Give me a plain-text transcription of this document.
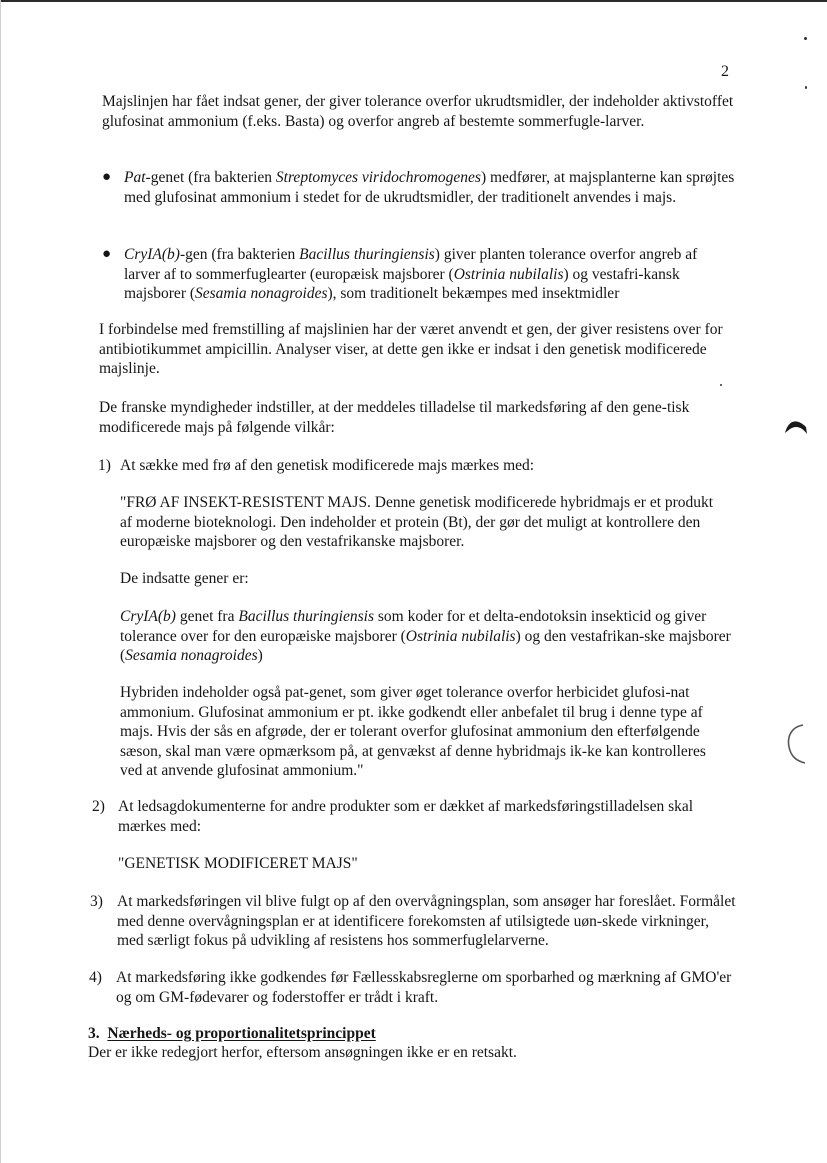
2

Majslinjen har fået indsat gener, der giver tolerance overfor ukrudtsmidler, der indeholder aktivstoffet glufosinat ammonium (f.eks. Basta) og overfor angreb af bestemte sommerfugle-larver.

● Pat-genet (fra bakterien Streptomyces viridochromogenes) medfører, at majsplanterne kan sprøjtes med glufosinat ammonium i stedet for de ukrudtsmidler, der traditionelt anvendes i majs.

● CryIA(b)-gen (fra bakterien Bacillus thuringiensis) giver planten tolerance overfor angreb af larver af to sommerfuglearter (europæisk majsborer (Ostrinia nubilalis) og vestafri-kansk majsborer (Sesamia nonagroides), som traditionelt bekæmpes med insektmidler

I forbindelse med fremstilling af majslinien har der været anvendt et gen, der giver resistens over for antibiotikummet ampicillin. Analyser viser, at dette gen ikke er indsat i den genetisk modificerede majslinje.

De franske myndigheder indstiller, at der meddeles tilladelse til markedsføring af den gene-tisk modificerede majs på følgende vilkår:

1) At sække med frø af den genetisk modificerede majs mærkes med:

"FRØ AF INSEKT-RESISTENT MAJS. Denne genetisk modificerede hybridmajs er et produkt af moderne bioteknologi. Den indeholder et protein (Bt), der gør det muligt at kontrollere den europæiske majsborer og den vestafrikanske majsborer.

De indsatte gener er:

CryIA(b) genet fra Bacillus thuringiensis som koder for et delta-endotoksin insekticid og giver tolerance over for den europæiske majsborer (Ostrinia nubilalis) og den vestafrikan-ske majsborer (Sesamia nonagroides)

Hybriden indeholder også pat-genet, som giver øget tolerance overfor herbicidet glufosi-nat ammonium. Glufosinat ammonium er pt. ikke godkendt eller anbefalet til brug i denne type af majs. Hvis der sås en afgrøde, der er tolerant overfor glufosinat ammonium den efterfølgende sæson, skal man være opmærksom på, at genvækst af denne hybridmajs ik-ke kan kontrolleres ved at anvende glufosinat ammonium."

2) At ledsagdokumenterne for andre produkter som er dækket af markedsføringstilladelsen skal mærkes med:

"GENETISK MODIFICERET MAJS"

3) At markedsføringen vil blive fulgt op af den overvågningsplan, som ansøger har foreslået. Formålet med denne overvågningsplan er at identificere forekomsten af utilsigtede uøn-skede virkninger, med særligt fokus på udvikling af resistens hos sommerfuglelarverne.

4) At markedsføring ikke godkendes før Fællesskabsreglerne om sporbarhed og mærkning af GMO'er og om GM-fødevarer og foderstoffer er trådt i kraft.

3. Nærheds- og proportionalitetsprincippet

Der er ikke redegjort herfor, eftersom ansøgningen ikke er en retsakt.
